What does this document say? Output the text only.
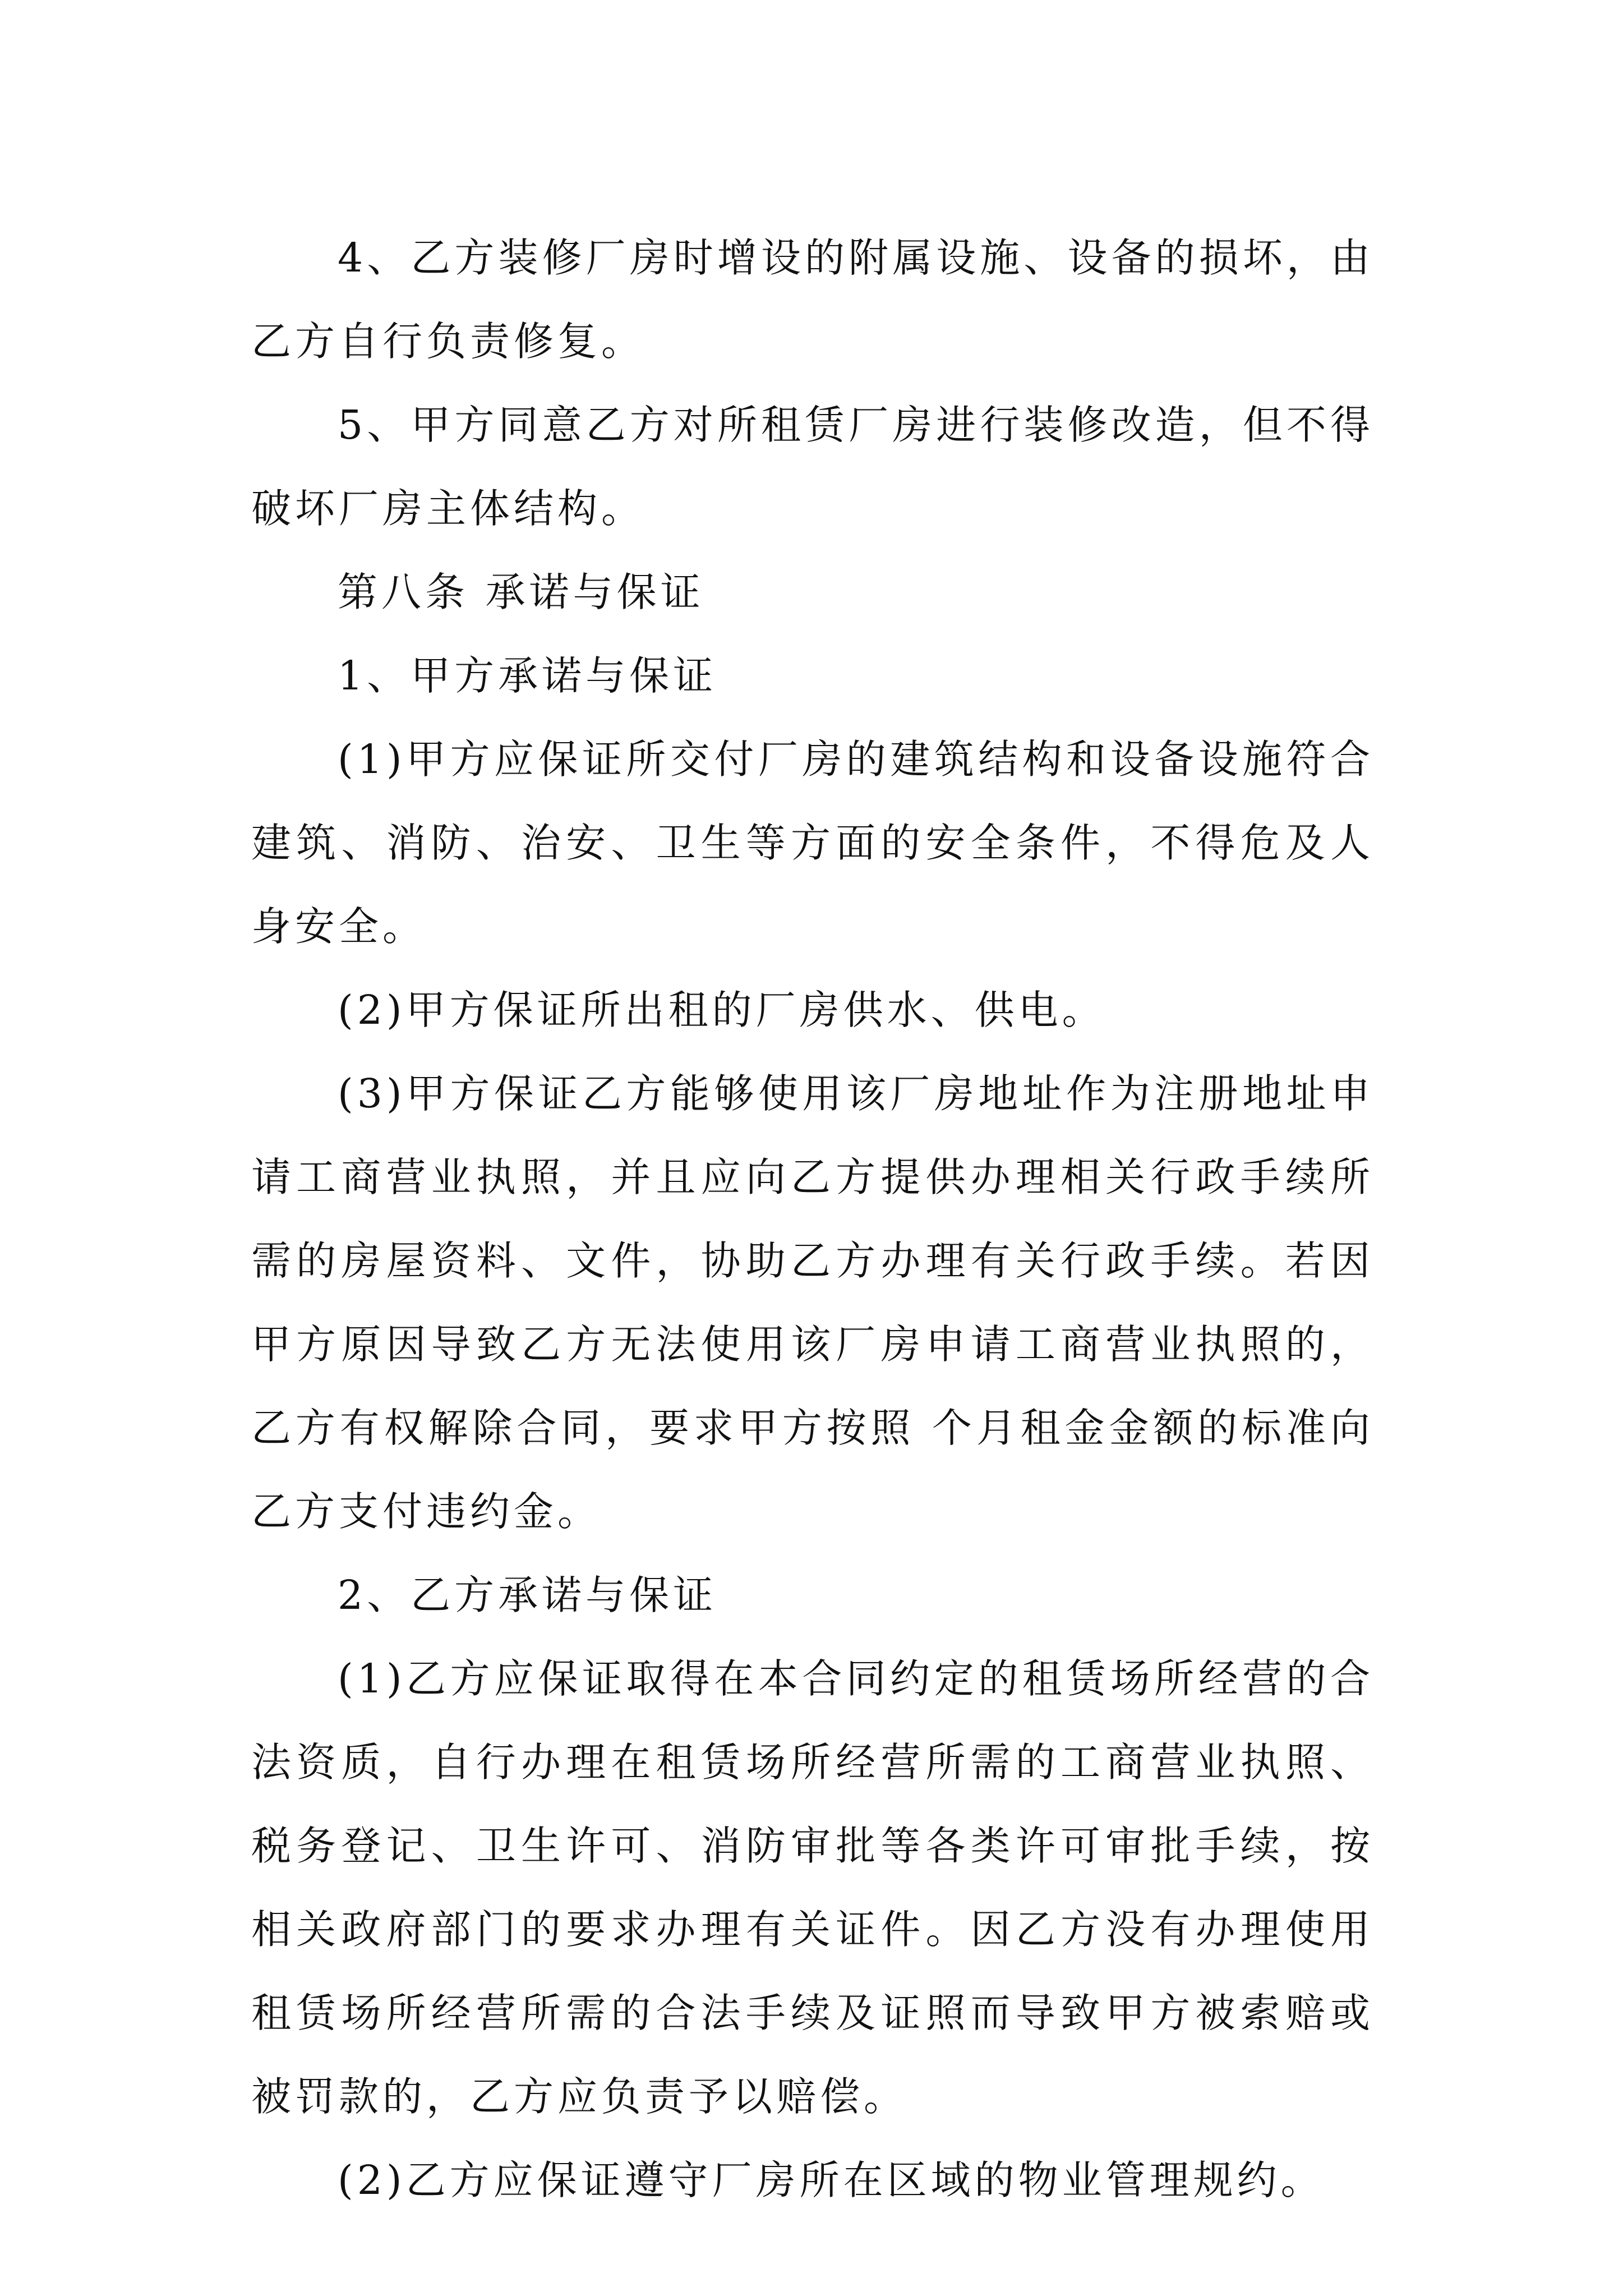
4、乙方装修厂房时增设的附属设施、设备的损坏，由乙方自行负责修复。

5、甲方同意乙方对所租赁厂房进行装修改造，但不得破坏厂房主体结构。

第八条 承诺与保证

1、甲方承诺与保证

(1)甲方应保证所交付厂房的建筑结构和设备设施符合建筑、消防、治安、卫生等方面的安全条件，不得危及人身安全。

(2)甲方保证所出租的厂房供水、供电。

(3)甲方保证乙方能够使用该厂房地址作为注册地址申请工商营业执照，并且应向乙方提供办理相关行政手续所需的房屋资料、文件，协助乙方办理有关行政手续。若因甲方原因导致乙方无法使用该厂房申请工商营业执照的，乙方有权解除合同，要求甲方按照 个月租金金额的标准向乙方支付违约金。

2、乙方承诺与保证

(1)乙方应保证取得在本合同约定的租赁场所经营的合法资质，自行办理在租赁场所经营所需的工商营业执照、税务登记、卫生许可、消防审批等各类许可审批手续，按相关政府部门的要求办理有关证件。因乙方没有办理使用租赁场所经营所需的合法手续及证照而导致甲方被索赔或被罚款的，乙方应负责予以赔偿。

(2)乙方应保证遵守厂房所在区域的物业管理规约。
